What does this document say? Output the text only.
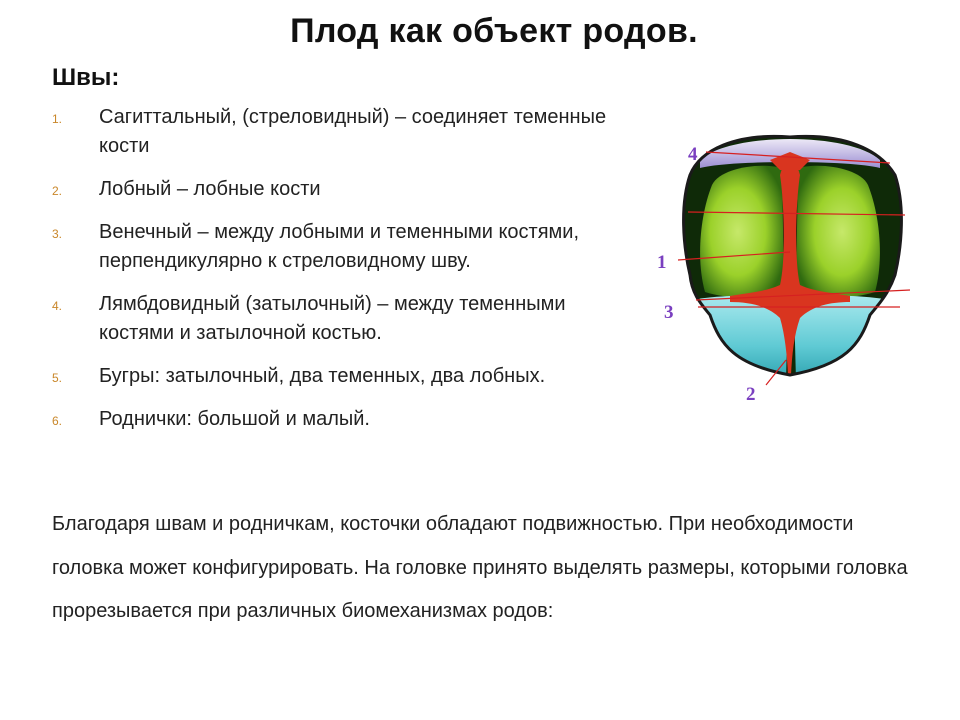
Плод как объект родов.
Швы:
1.	Сагиттальный, (стреловидный) – соединяет теменные кости
2.	Лобный – лобные кости
3.	Венечный – между лобными и теменными костями, перпендикулярно к стреловидному шву.
4.	Лямбдовидный (затылочный) – между теменными костями и затылочной костью.
5.	Бугры: затылочный, два теменных, два лобных.
6.	Роднички: большой и малый.

Благодаря швам и родничкам, косточки обладают подвижностью. При необходимости головка может конфигурировать. На головке принято выделять размеры, которыми головка прорезывается при различных биомеханизмах родов:

4
1
3
2
